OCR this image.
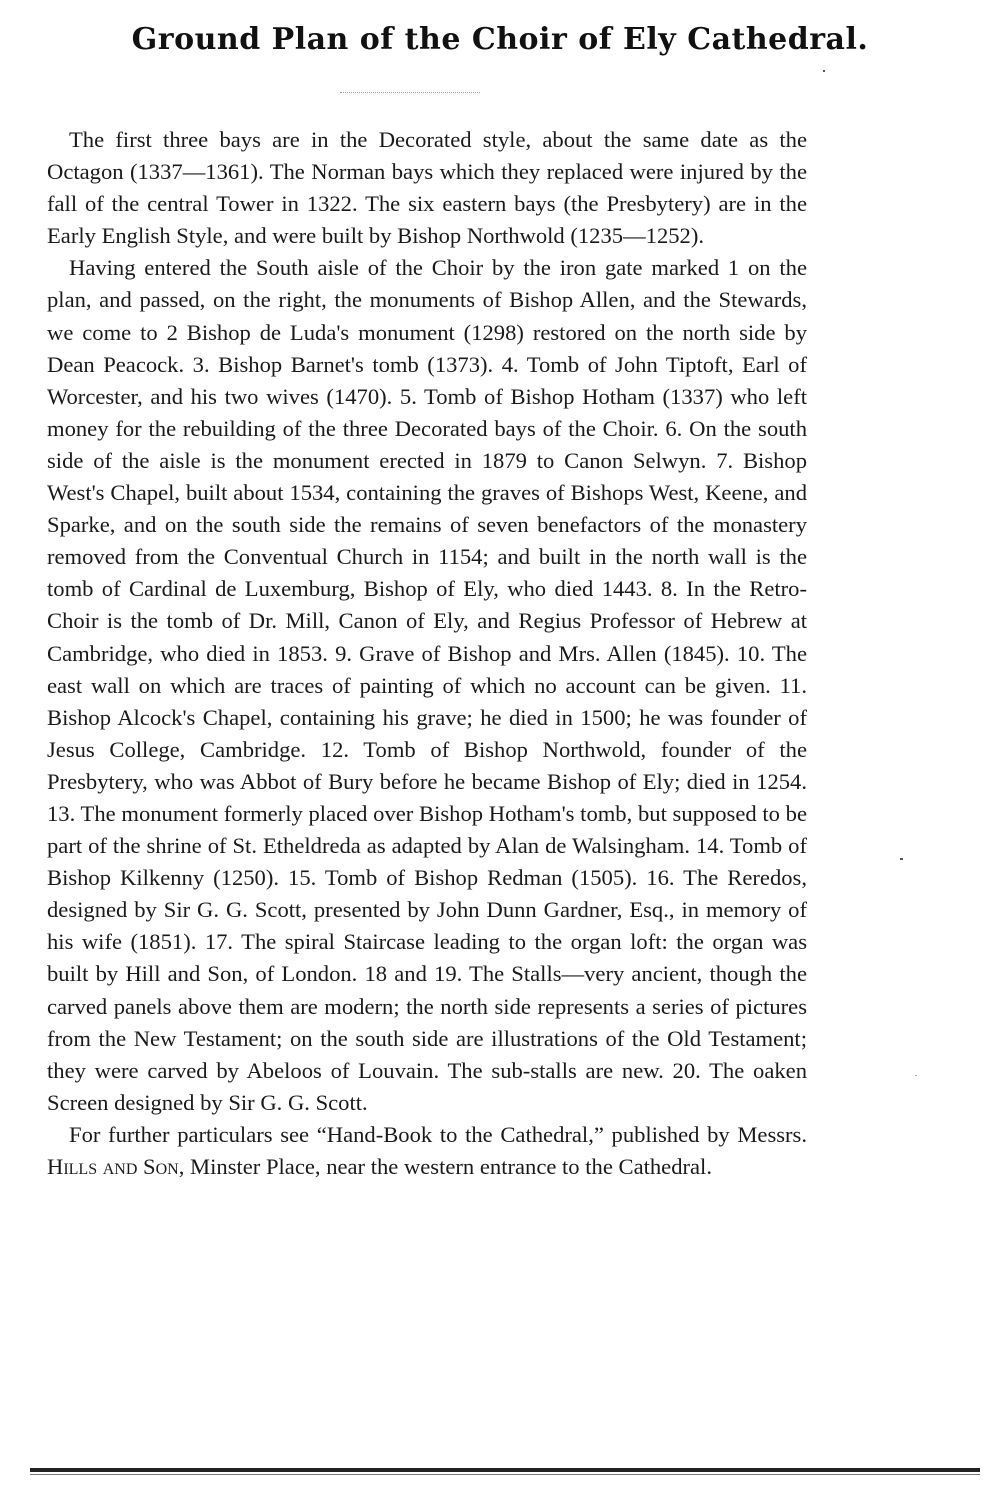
Ground Plan of the Choir of Ely Cathedral.

The first three bays are in the Decorated style, about the same date as the Octagon (1337—1361). The Norman bays which they replaced were injured by the fall of the central Tower in 1322. The six eastern bays (the Presbytery) are in the Early English Style, and were built by Bishop Northwold (1235—1252).

Having entered the South aisle of the Choir by the iron gate marked 1 on the plan, and passed, on the right, the monuments of Bishop Allen, and the Stewards, we come to 2 Bishop de Luda's monument (1298) restored on the north side by Dean Peacock. 3. Bishop Barnet's tomb (1373). 4. Tomb of John Tiptoft, Earl of Worcester, and his two wives (1470). 5. Tomb of Bishop Hotham (1337) who left money for the rebuilding of the three Decorated bays of the Choir. 6. On the south side of the aisle is the monument erected in 1879 to Canon Selwyn. 7. Bishop West's Chapel, built about 1534, containing the graves of Bishops West, Keene, and Sparke, and on the south side the remains of seven benefactors of the monastery removed from the Conventual Church in 1154; and built in the north wall is the tomb of Cardinal de Luxemburg, Bishop of Ely, who died 1443. 8. In the Retro-Choir is the tomb of Dr. Mill, Canon of Ely, and Regius Professor of Hebrew at Cambridge, who died in 1853. 9. Grave of Bishop and Mrs. Allen (1845). 10. The east wall on which are traces of painting of which no account can be given. 11. Bishop Alcock's Chapel, containing his grave; he died in 1500; he was founder of Jesus College, Cambridge. 12. Tomb of Bishop Northwold, founder of the Presbytery, who was Abbot of Bury before he became Bishop of Ely; died in 1254. 13. The monument formerly placed over Bishop Hotham's tomb, but supposed to be part of the shrine of St. Etheldreda as adapted by Alan de Walsingham. 14. Tomb of Bishop Kilkenny (1250). 15. Tomb of Bishop Redman (1505). 16. The Reredos, designed by Sir G. G. Scott, presented by John Dunn Gardner, Esq., in memory of his wife (1851). 17. The spiral Staircase leading to the organ loft: the organ was built by Hill and Son, of London. 18 and 19. The Stalls—very ancient, though the carved panels above them are modern; the north side represents a series of pictures from the New Testament; on the south side are illustrations of the Old Testament; they were carved by Abeloos of Louvain. The sub-stalls are new. 20. The oaken Screen designed by Sir G. G. Scott.

For further particulars see “Hand-Book to the Cathedral,” published by Messrs. Hills and Son, Minster Place, near the western entrance to the Cathedral.
